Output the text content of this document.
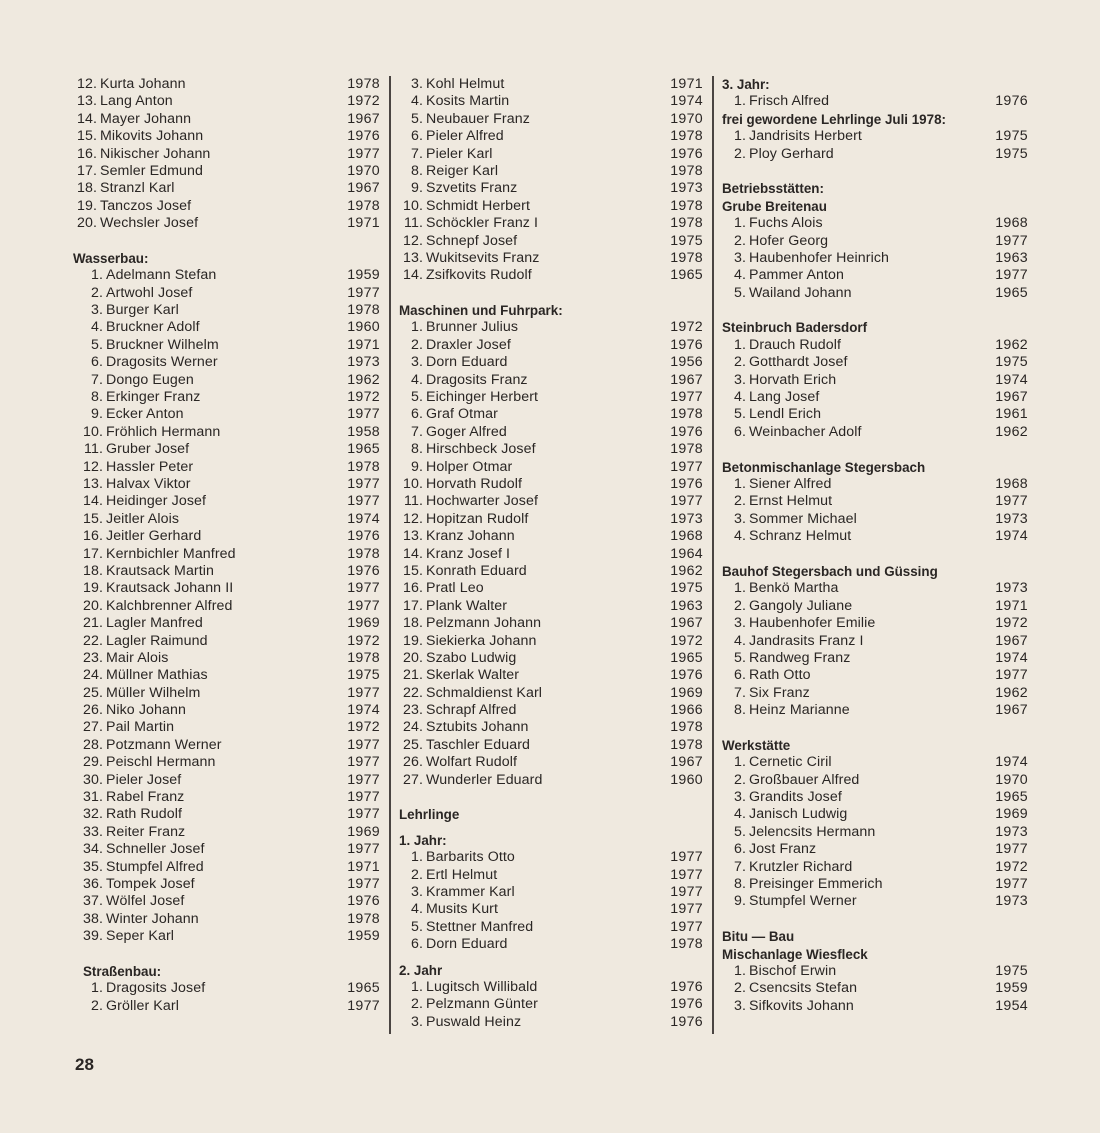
12. Kurta Johann	1978
13. Lang Anton	1972
14. Mayer Johann	1967
15. Mikovits Johann	1976
16. Nikischer Johann	1977
17. Semler Edmund	1970
18. Stranzl Karl	1967
19. Tanczos Josef	1978
20. Wechsler Josef	1971
Wasserbau:
1. Adelmann Stefan	1959
2. Artwohl Josef	1977
3. Burger Karl	1978
4. Bruckner Adolf	1960
5. Bruckner Wilhelm	1971
6. Dragosits Werner	1973
7. Dongo Eugen	1962
8. Erkinger Franz	1972
9. Ecker Anton	1977
10. Fröhlich Hermann	1958
11. Gruber Josef	1965
12. Hassler Peter	1978
13. Halvax Viktor	1977
14. Heidinger Josef	1977
15. Jeitler Alois	1974
16. Jeitler Gerhard	1976
17. Kernbichler Manfred	1978
18. Krautsack Martin	1976
19. Krautsack Johann II	1977
20. Kalchbrenner Alfred	1977
21. Lagler Manfred	1969
22. Lagler Raimund	1972
23. Mair Alois	1978
24. Müllner Mathias	1975
25. Müller Wilhelm	1977
26. Niko Johann	1974
27. Pail Martin	1972
28. Potzmann Werner	1977
29. Peischl Hermann	1977
30. Pieler Josef	1977
31. Rabel Franz	1977
32. Rath Rudolf	1977
33. Reiter Franz	1969
34. Schneller Josef	1977
35. Stumpfel Alfred	1971
36. Tompek Josef	1977
37. Wölfel Josef	1976
38. Winter Johann	1978
39. Seper Karl	1959
Straßenbau:
1. Dragosits Josef	1965
2. Gröller Karl	1977
3. Kohl Helmut	1971
4. Kosits Martin	1974
5. Neubauer Franz	1970
6. Pieler Alfred	1978
7. Pieler Karl	1976
8. Reiger Karl	1978
9. Szvetits Franz	1973
10. Schmidt Herbert	1978
11. Schöckler Franz I	1978
12. Schnepf Josef	1975
13. Wukitsevits Franz	1978
14. Zsifkovits Rudolf	1965
Maschinen und Fuhrpark:
1. Brunner Julius	1972
2. Draxler Josef	1976
3. Dorn Eduard	1956
4. Dragosits Franz	1967
5. Eichinger Herbert	1977
6. Graf Otmar	1978
7. Goger Alfred	1976
8. Hirschbeck Josef	1978
9. Holper Otmar	1977
10. Horvath Rudolf	1976
11. Hochwarter Josef	1977
12. Hopitzan Rudolf	1973
13. Kranz Johann	1968
14. Kranz Josef I	1964
15. Konrath Eduard	1962
16. Pratl Leo	1975
17. Plank Walter	1963
18. Pelzmann Johann	1967
19. Siekierka Johann	1972
20. Szabo Ludwig	1965
21. Skerlak Walter	1976
22. Schmaldienst Karl	1969
23. Schrapf Alfred	1966
24. Sztubits Johann	1978
25. Taschler Eduard	1978
26. Wolfart Rudolf	1967
27. Wunderler Eduard	1960
Lehrlinge
1. Jahr:
1. Barbarits Otto	1977
2. Ertl Helmut	1977
3. Krammer Karl	1977
4. Musits Kurt	1977
5. Stettner Manfred	1977
6. Dorn Eduard	1978
2. Jahr
1. Lugitsch Willibald	1976
2. Pelzmann Günter	1976
3. Puswald Heinz	1976
3. Jahr:
1. Frisch Alfred	1976
frei gewordene Lehrlinge Juli 1978:
1. Jandrisits Herbert	1975
2. Ploy Gerhard	1975
Betriebsstätten:
Grube Breitenau
1. Fuchs Alois	1968
2. Hofer Georg	1977
3. Haubenhofer Heinrich	1963
4. Pammer Anton	1977
5. Wailand Johann	1965
Steinbruch Badersdorf
1. Drauch Rudolf	1962
2. Gotthardt Josef	1975
3. Horvath Erich	1974
4. Lang Josef	1967
5. Lendl Erich	1961
6. Weinbacher Adolf	1962
Betonmischanlage Stegersbach
1. Siener Alfred	1968
2. Ernst Helmut	1977
3. Sommer Michael	1973
4. Schranz Helmut	1974
Bauhof Stegersbach und Güssing
1. Benkö Martha	1973
2. Gangoly Juliane	1971
3. Haubenhofer Emilie	1972
4. Jandrasits Franz I	1967
5. Randweg Franz	1974
6. Rath Otto	1977
7. Six Franz	1962
8. Heinz Marianne	1967
Werkstätte
1. Cernetic Ciril	1974
2. Großbauer Alfred	1970
3. Grandits Josef	1965
4. Janisch Ludwig	1969
5. Jelencsits Hermann	1973
6. Jost Franz	1977
7. Krutzler Richard	1972
8. Preisinger Emmerich	1977
9. Stumpfel Werner	1973
Bitu — Bau
Mischanlage Wiesfleck
1. Bischof Erwin	1975
2. Csencsits Stefan	1959
3. Sifkovits Johann	1954
28
